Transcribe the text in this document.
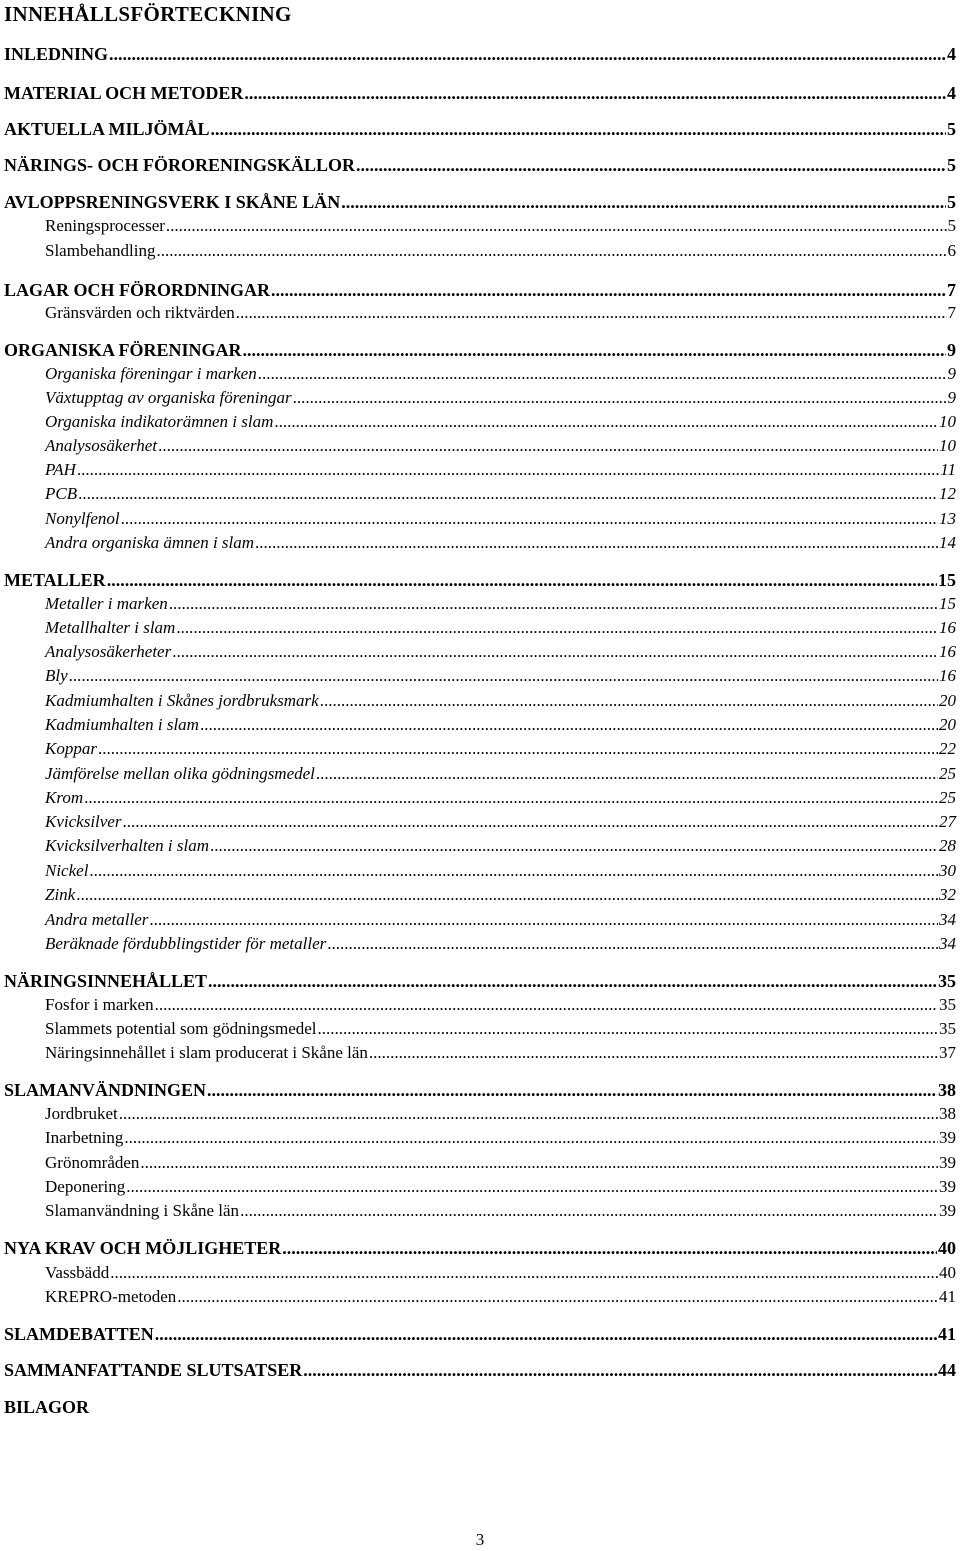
INNEHÅLLSFÖRTECKNING
INLEDNING .....	4
MATERIAL OCH METODER .....	4
AKTUELLA MILJÖMÅL .....	5
NÄRINGS- OCH FÖRORENINGSKÄLLOR .....	5
AVLOPPSRENINGSVERK I SKÅNE LÄN .....	5
Reningsprocesser .....	5
Slambehandling .....	6
LAGAR OCH FÖRORDNINGAR .....	7
Gränsvärden och riktvärden .....	7
ORGANISKA FÖRENINGAR .....	9
Organiska föreningar i marken .....	9
Växtupptag av organiska föreningar .....	9
Organiska indikatorämnen i slam .....	10
Analysosäkerhet .....	10
PAH .....	11
PCB .....	12
Nonylfenol .....	13
Andra organiska ämnen i slam .....	14
METALLER .....	15
Metaller i marken .....	15
Metallhalter i slam .....	16
Analysosäkerheter .....	16
Bly .....	16
Kadmiumhalten i Skånes jordbruksmark .....	20
Kadmiumhalten i slam .....	20
Koppar .....	22
Jämförelse mellan olika gödningsmedel .....	25
Krom .....	25
Kvicksilver .....	27
Kvicksilverhalten i slam .....	28
Nickel .....	30
Zink .....	32
Andra metaller .....	34
Beräknade fördubblingstider för metaller .....	34
NÄRINGSINNEHÅLLET .....	35
Fosfor i marken .....	35
Slammets potential som gödningsmedel .....	35
Näringsinnehållet i slam producerat i Skåne län .....	37
SLAMANVÄNDNINGEN .....	38
Jordbruket .....	38
Inarbetning .....	39
Grönområden .....	39
Deponering .....	39
Slamanvändning i Skåne län .....	39
NYA KRAV OCH MÖJLIGHETER .....	40
Vassbädd .....	40
KREPRO-metoden .....	41
SLAMDEBATTEN .....	41
SAMMANFATTANDE SLUTSATSER .....	44
BILAGOR
3
